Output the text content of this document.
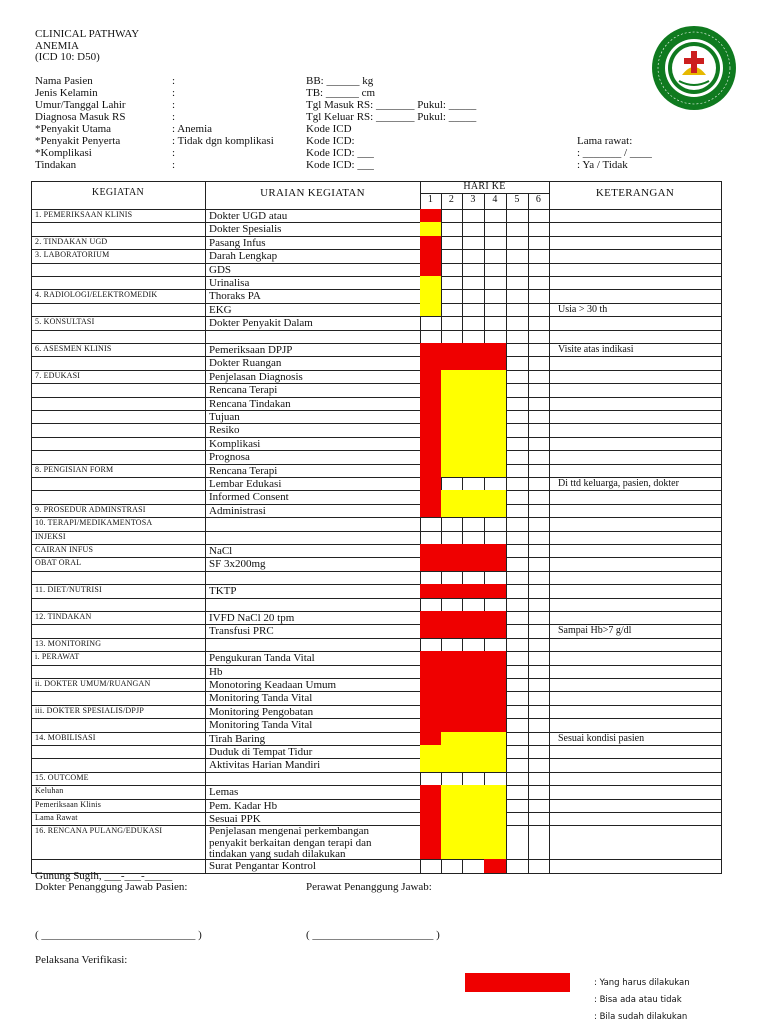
CLINICAL PATHWAY
ANEMIA
(ICD 10: D50)
Nama Pasien	:	BB: ______ kg
Jenis Kelamin	:	TB: ______ cm
Umur/Tanggal Lahir	:	Tgl Masuk RS: _______ Pukul: _____
Diagnosa Masuk RS	:	Tgl Keluar RS: _______ Pukul: _____
*Penyakit Utama	: Anemia	Kode ICD
*Penyakit Penyerta	: Tidak dgn komplikasi	Kode ICD:	Lama rawat:
*Komplikasi	:	Kode ICD: ___	: _______ / ____
Tindakan	:	Kode ICD: ___	: Ya / Tidak
1	2	3	4	5	6
KEGIATAN	URAIAN KEGIATAN
HARI KE
KETERANGAN
1. PEMERIKSAAN KLINIS	Dokter UGD atau
Dokter Spesialis
2. TINDAKAN UGD	Pasang Infus
3. LABORATORIUM	Darah Lengkap
GDS
Urinalisa
4. RADIOLOGI/ELEKTROMEDIK	Thoraks PA
EKG	Usia > 30 th
5. KONSULTASI	Dokter Penyakit Dalam
6. ASESMEN KLINIS	Pemeriksaan DPJP	Visite atas indikasi
Dokter Ruangan
7. EDUKASI	Penjelasan Diagnosis
Rencana Terapi
Rencana Tindakan
Tujuan
Resiko
Komplikasi
Prognosa
8. PENGISIAN FORM	Rencana Terapi
Lembar Edukasi	Di ttd keluarga, pasien, dokter
Informed Consent
9. PROSEDUR ADMINSTRASI	Administrasi
10. TERAPI/MEDIKAMENTOSA
INJEKSI
CAIRAN INFUS	NaCl
OBAT ORAL	SF 3x200mg
11. DIET/NUTRISI	TKTP
12. TINDAKAN	IVFD NaCl 20 tpm
Transfusi PRC	Sampai Hb>7 g/dl
13. MONITORING
i. PERAWAT	Pengukuran Tanda Vital
Hb
ii. DOKTER UMUM/RUANGAN	Monotoring Keadaan Umum
Monitoring Tanda Vital
iii. DOKTER SPESIALIS/DPJP	Monitoring Pengobatan
Monitoring Tanda Vital
14. MOBILISASI	Tirah Baring	Sesuai kondisi pasien
Duduk di Tempat Tidur
Aktivitas Harian Mandiri
15. OUTCOME
Keluhan	Lemas
Pemeriksaan Klinis	Pem. Kadar Hb
Lama Rawat	Sesuai PPK
16. RENCANA PULANG/EDUKASI	Penjelasan mengenai perkembangan
penyakit berkaitan dengan terapi dan
tindakan yang sudah dilakukan
Surat Pengantar Kontrol
Gunung Sugih, ___-___-_____
Dokter Penanggung Jawab Pasien:	Perawat Penanggung Jawab:
( ____________________________ )	( ______________________ )
Pelaksana Verifikasi:
: Yang harus dilakukan
: Bisa ada atau tidak
: Bila sudah dilakukan
